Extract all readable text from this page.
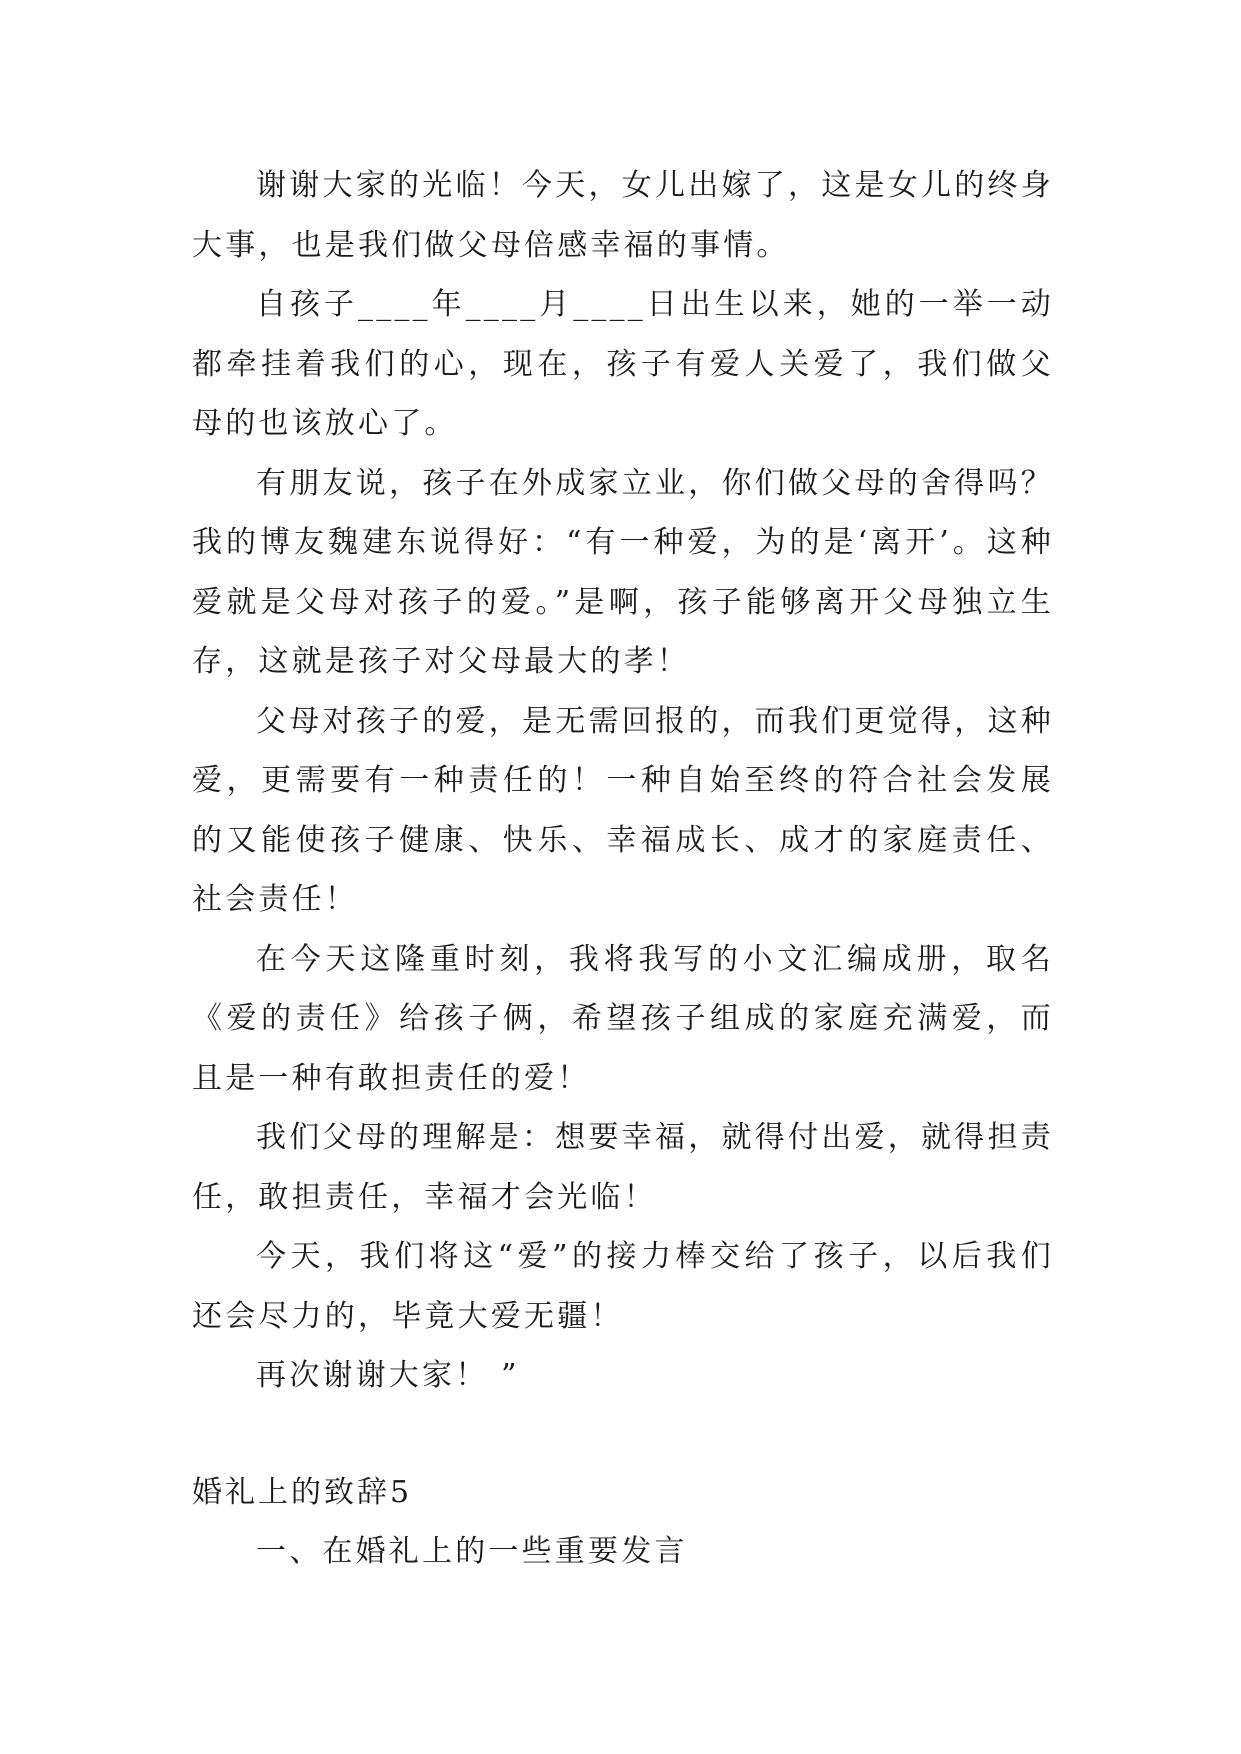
谢谢大家的光临！今天，女儿出嫁了，这是女儿的终身大事，也是我们做父母倍感幸福的事情。

自孩子____年____月____日出生以来，她的一举一动都牵挂着我们的心，现在，孩子有爱人关爱了，我们做父母的也该放心了。

有朋友说，孩子在外成家立业，你们做父母的舍得吗？我的博友魏建东说得好：“有一种爱，为的是‘离开’。这种爱就是父母对孩子的爱。”是啊，孩子能够离开父母独立生存，这就是孩子对父母最大的孝！

父母对孩子的爱，是无需回报的，而我们更觉得，这种爱，更需要有一种责任的！一种自始至终的符合社会发展的又能使孩子健康、快乐、幸福成长、成才的家庭责任、社会责任！

在今天这隆重时刻，我将我写的小文汇编成册，取名《爱的责任》给孩子俩，希望孩子组成的家庭充满爱，而且是一种有敢担责任的爱！

我们父母的理解是：想要幸福，就得付出爱，就得担责任，敢担责任，幸福才会光临！

今天，我们将这“爱”的接力棒交给了孩子，以后我们还会尽力的，毕竟大爱无疆！

再次谢谢大家！ ”

婚礼上的致辞5

一、在婚礼上的一些重要发言
